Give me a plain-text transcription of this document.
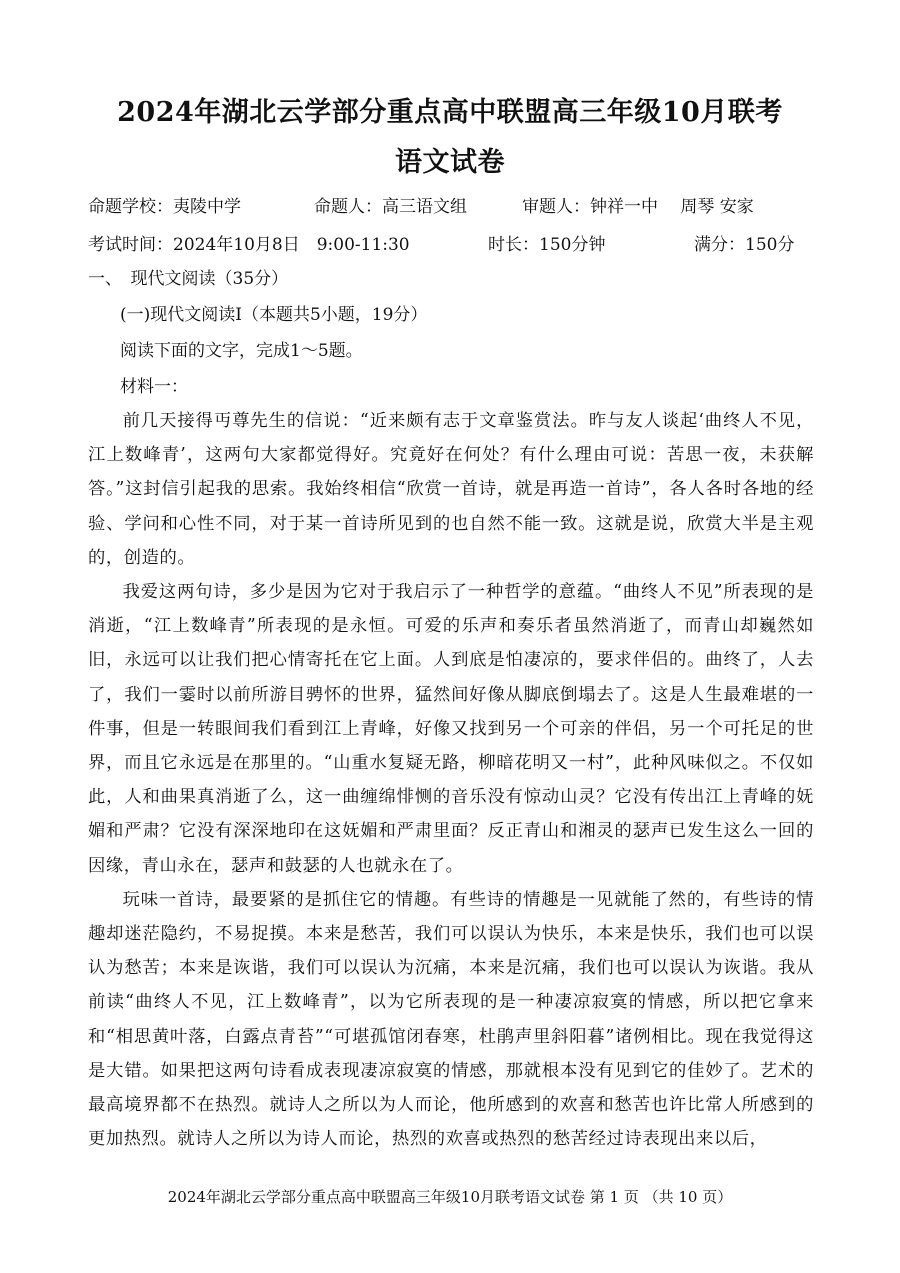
2024年湖北云学部分重点高中联盟高三年级10月联考
语文试卷
命题学校：夷陵中学	命题人：高三语文组	审题人：钟祥一中　 周琴 安家
考试时间：2024年10月8日　9:00-11:30	时长：150分钟	满分：150分
一、　现代文阅读（35分）
(一)现代文阅读Ⅰ（本题共5小题，19分）
阅读下面的文字，完成1～5题。
材料一：

前几天接得丏尊先生的信说：“近来颇有志于文章鉴赏法。昨与友人谈起‘曲终人不见，江上数峰青’，这两句大家都觉得好。究竟好在何处？有什么理由可说：苦思一夜，未获解答。”这封信引起我的思索。我始终相信“欣赏一首诗，就是再造一首诗”，各人各时各地的经验、学问和心性不同，对于某一首诗所见到的也自然不能一致。这就是说，欣赏大半是主观的，创造的。

我爱这两句诗，多少是因为它对于我启示了一种哲学的意蕴。“曲终人不见”所表现的是消逝，“江上数峰青”所表现的是永恒。可爱的乐声和奏乐者虽然消逝了，而青山却巍然如旧，永远可以让我们把心情寄托在它上面。人到底是怕凄凉的，要求伴侣的。曲终了，人去了，我们一霎时以前所游目骋怀的世界，猛然间好像从脚底倒塌去了。这是人生最难堪的一件事，但是一转眼间我们看到江上青峰，好像又找到另一个可亲的伴侣，另一个可托足的世界，而且它永远是在那里的。“山重水复疑无路，柳暗花明又一村”，此种风味似之。不仅如此，人和曲果真消逝了么，这一曲缠绵悱恻的音乐没有惊动山灵？它没有传出江上青峰的妩媚和严肃？它没有深深地印在这妩媚和严肃里面？反正青山和湘灵的瑟声已发生这么一回的因缘，青山永在，瑟声和鼓瑟的人也就永在了。

玩味一首诗，最要紧的是抓住它的情趣。有些诗的情趣是一见就能了然的，有些诗的情趣却迷茫隐约，不易捉摸。本来是愁苦，我们可以误认为快乐，本来是快乐，我们也可以误认为愁苦；本来是诙谐，我们可以误认为沉痛，本来是沉痛，我们也可以误认为诙谐。我从前读“曲终人不见，江上数峰青”，以为它所表现的是一种凄凉寂寞的情感，所以把它拿来和“相思黄叶落，白露点青苔”“可堪孤馆闭春寒，杜鹃声里斜阳暮”诸例相比。现在我觉得这是大错。如果把这两句诗看成表现凄凉寂寞的情感，那就根本没有见到它的佳妙了。艺术的最高境界都不在热烈。就诗人之所以为人而论，他所感到的欢喜和愁苦也许比常人所感到的更加热烈。就诗人之所以为诗人而论，热烈的欢喜或热烈的愁苦经过诗表现出来以后，

2024年湖北云学部分重点高中联盟高三年级10月联考语文试卷 第 1 页 （共 10 页）
